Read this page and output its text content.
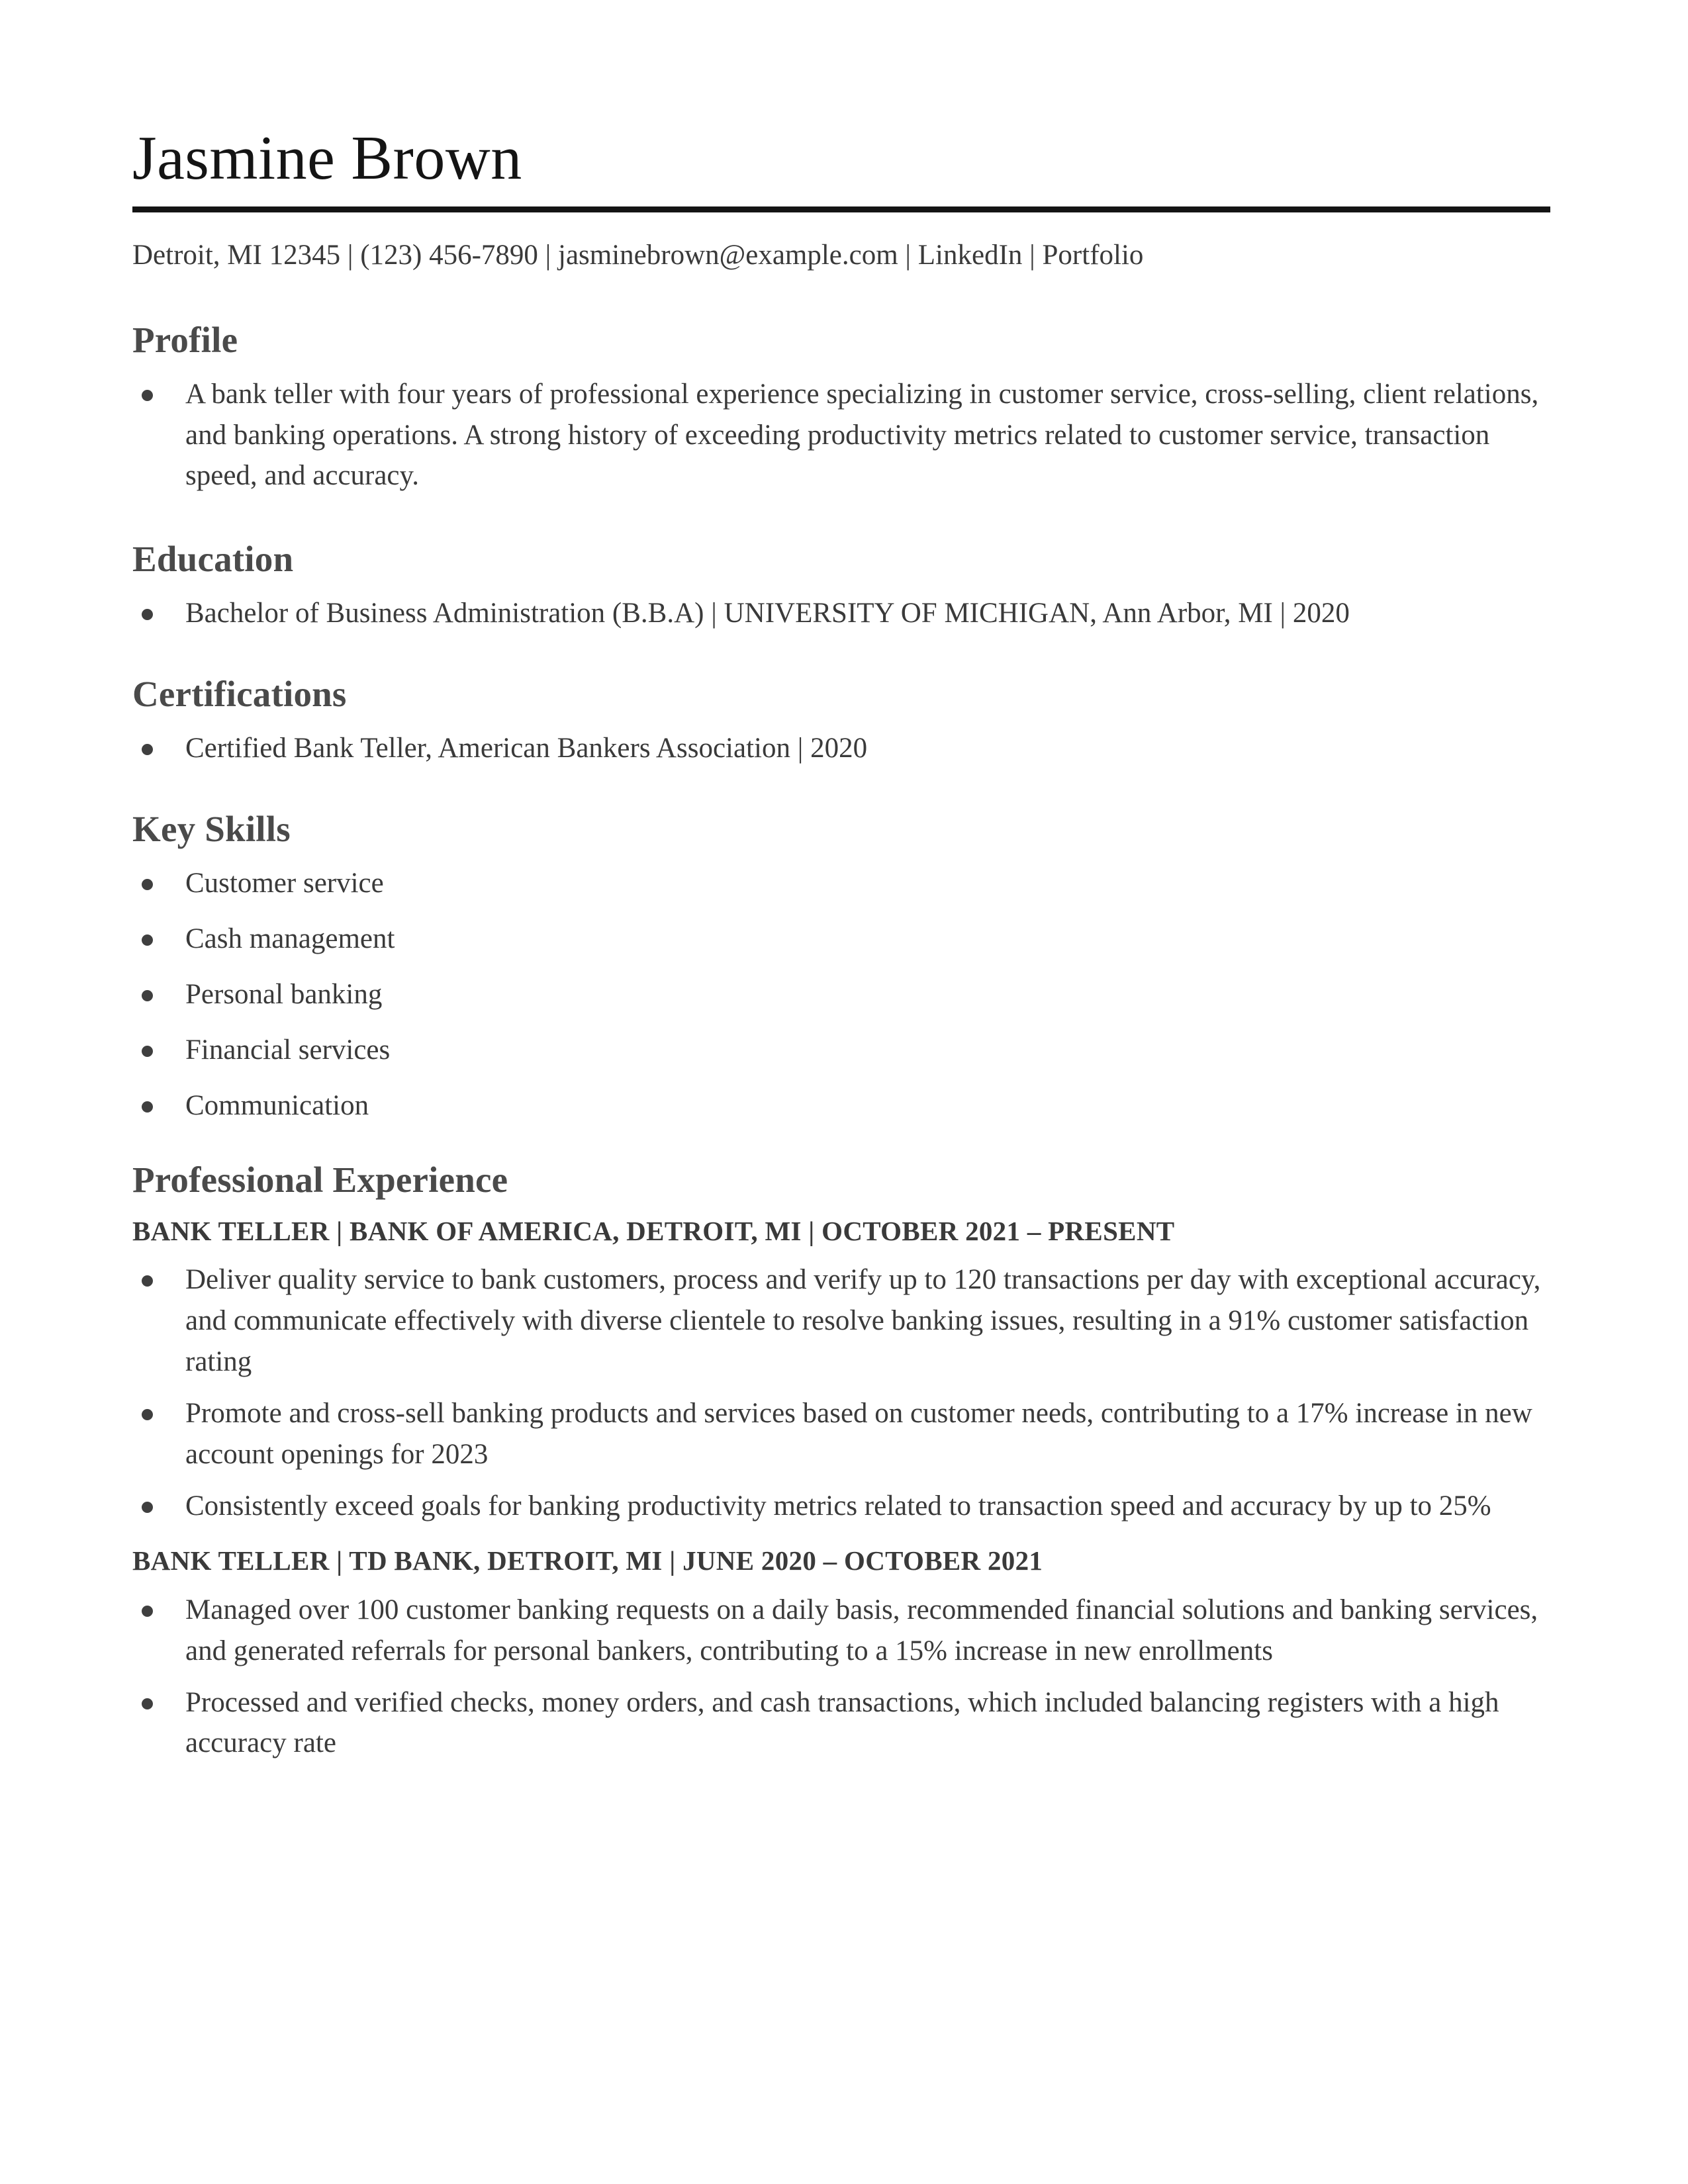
Jasmine Brown
Detroit, MI 12345 | (123) 456-7890 | jasminebrown@example.com | LinkedIn | Portfolio
Profile
A bank teller with four years of professional experience specializing in customer service, cross-selling, client relations, and banking operations. A strong history of exceeding productivity metrics related to customer service, transaction speed, and accuracy.
Education
Bachelor of Business Administration (B.B.A) | UNIVERSITY OF MICHIGAN, Ann Arbor, MI | 2020
Certifications
Certified Bank Teller, American Bankers Association | 2020
Key Skills
Customer service
Cash management
Personal banking
Financial services
Communication
Professional Experience
BANK TELLER | BANK OF AMERICA, DETROIT, MI | OCTOBER 2021 – PRESENT
Deliver quality service to bank customers, process and verify up to 120 transactions per day with exceptional accuracy, and communicate effectively with diverse clientele to resolve banking issues, resulting in a 91% customer satisfaction rating
Promote and cross-sell banking products and services based on customer needs, contributing to a 17% increase in new account openings for 2023
Consistently exceed goals for banking productivity metrics related to transaction speed and accuracy by up to 25%
BANK TELLER | TD BANK, DETROIT, MI | JUNE 2020 – OCTOBER 2021
Managed over 100 customer banking requests on a daily basis, recommended financial solutions and banking services, and generated referrals for personal bankers, contributing to a 15% increase in new enrollments
Processed and verified checks, money orders, and cash transactions, which included balancing registers with a high accuracy rate
